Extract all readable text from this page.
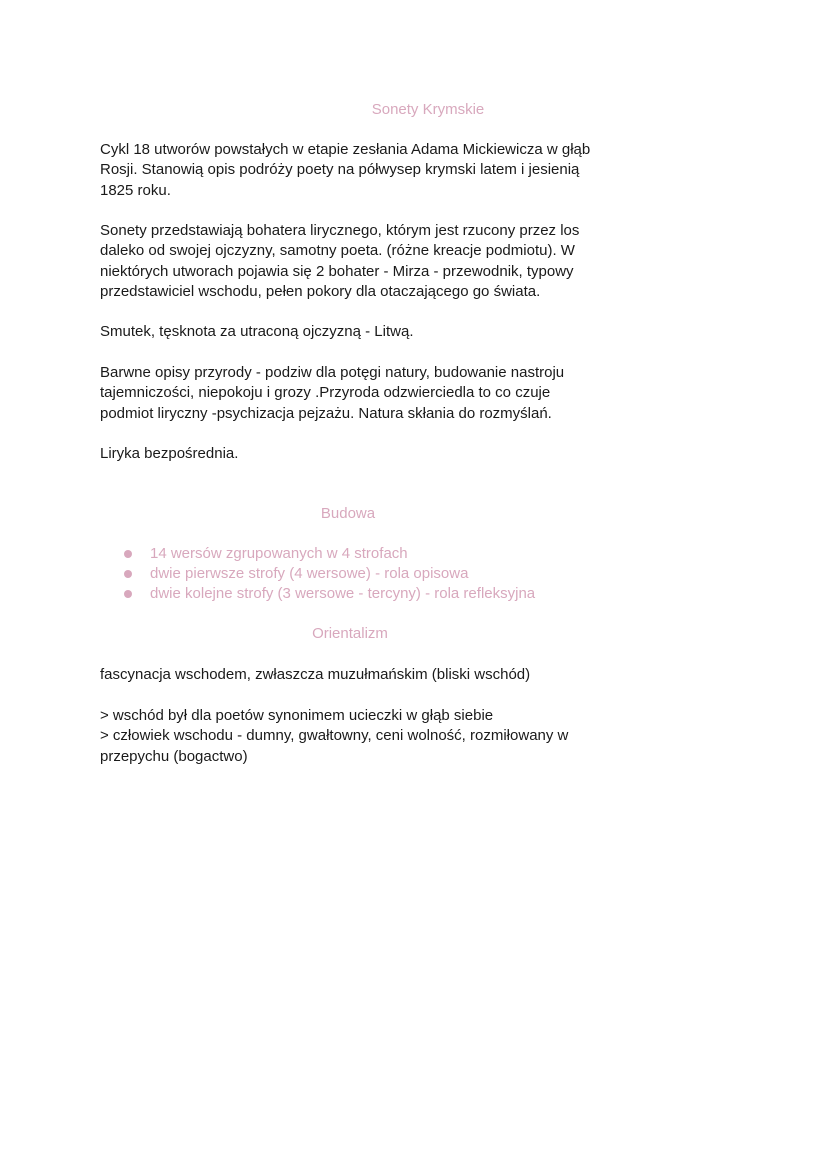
Sonety Krymskie

Cykl 18 utworów powstałych w etapie zesłania Adama Mickiewicza w głąb
Rosji. Stanowią opis podróży poety na półwysep krymski latem i jesienią
1825 roku.

Sonety przedstawiają bohatera lirycznego, którym jest rzucony przez los
daleko od swojej ojczyzny, samotny poeta. (różne kreacje podmiotu). W
niektórych utworach pojawia się 2 bohater - Mirza - przewodnik, typowy
przedstawiciel wschodu, pełen pokory dla otaczającego go świata.

Smutek, tęsknota za utraconą ojczyzną - Litwą.

Barwne opisy przyrody - podziw dla potęgi natury, budowanie nastroju
tajemniczości, niepokoju i grozy .Przyroda odzwierciedla to co czuje
podmiot liryczny -psychizacja pejzażu. Natura skłania do rozmyślań.

Liryka bezpośrednia.

Budowa
14 wersów zgrupowanych w 4 strofach
dwie pierwsze strofy (4 wersowe) - rola opisowa
dwie kolejne strofy (3 wersowe - tercyny) - rola refleksyjna
Orientalizm

fascynacja wschodem, zwłaszcza muzułmańskim (bliski wschód)

> wschód był dla poetów synonimem ucieczki w głąb siebie
> człowiek wschodu - dumny, gwałtowny, ceni wolność, rozmiłowany w
przepychu (bogactwo)
